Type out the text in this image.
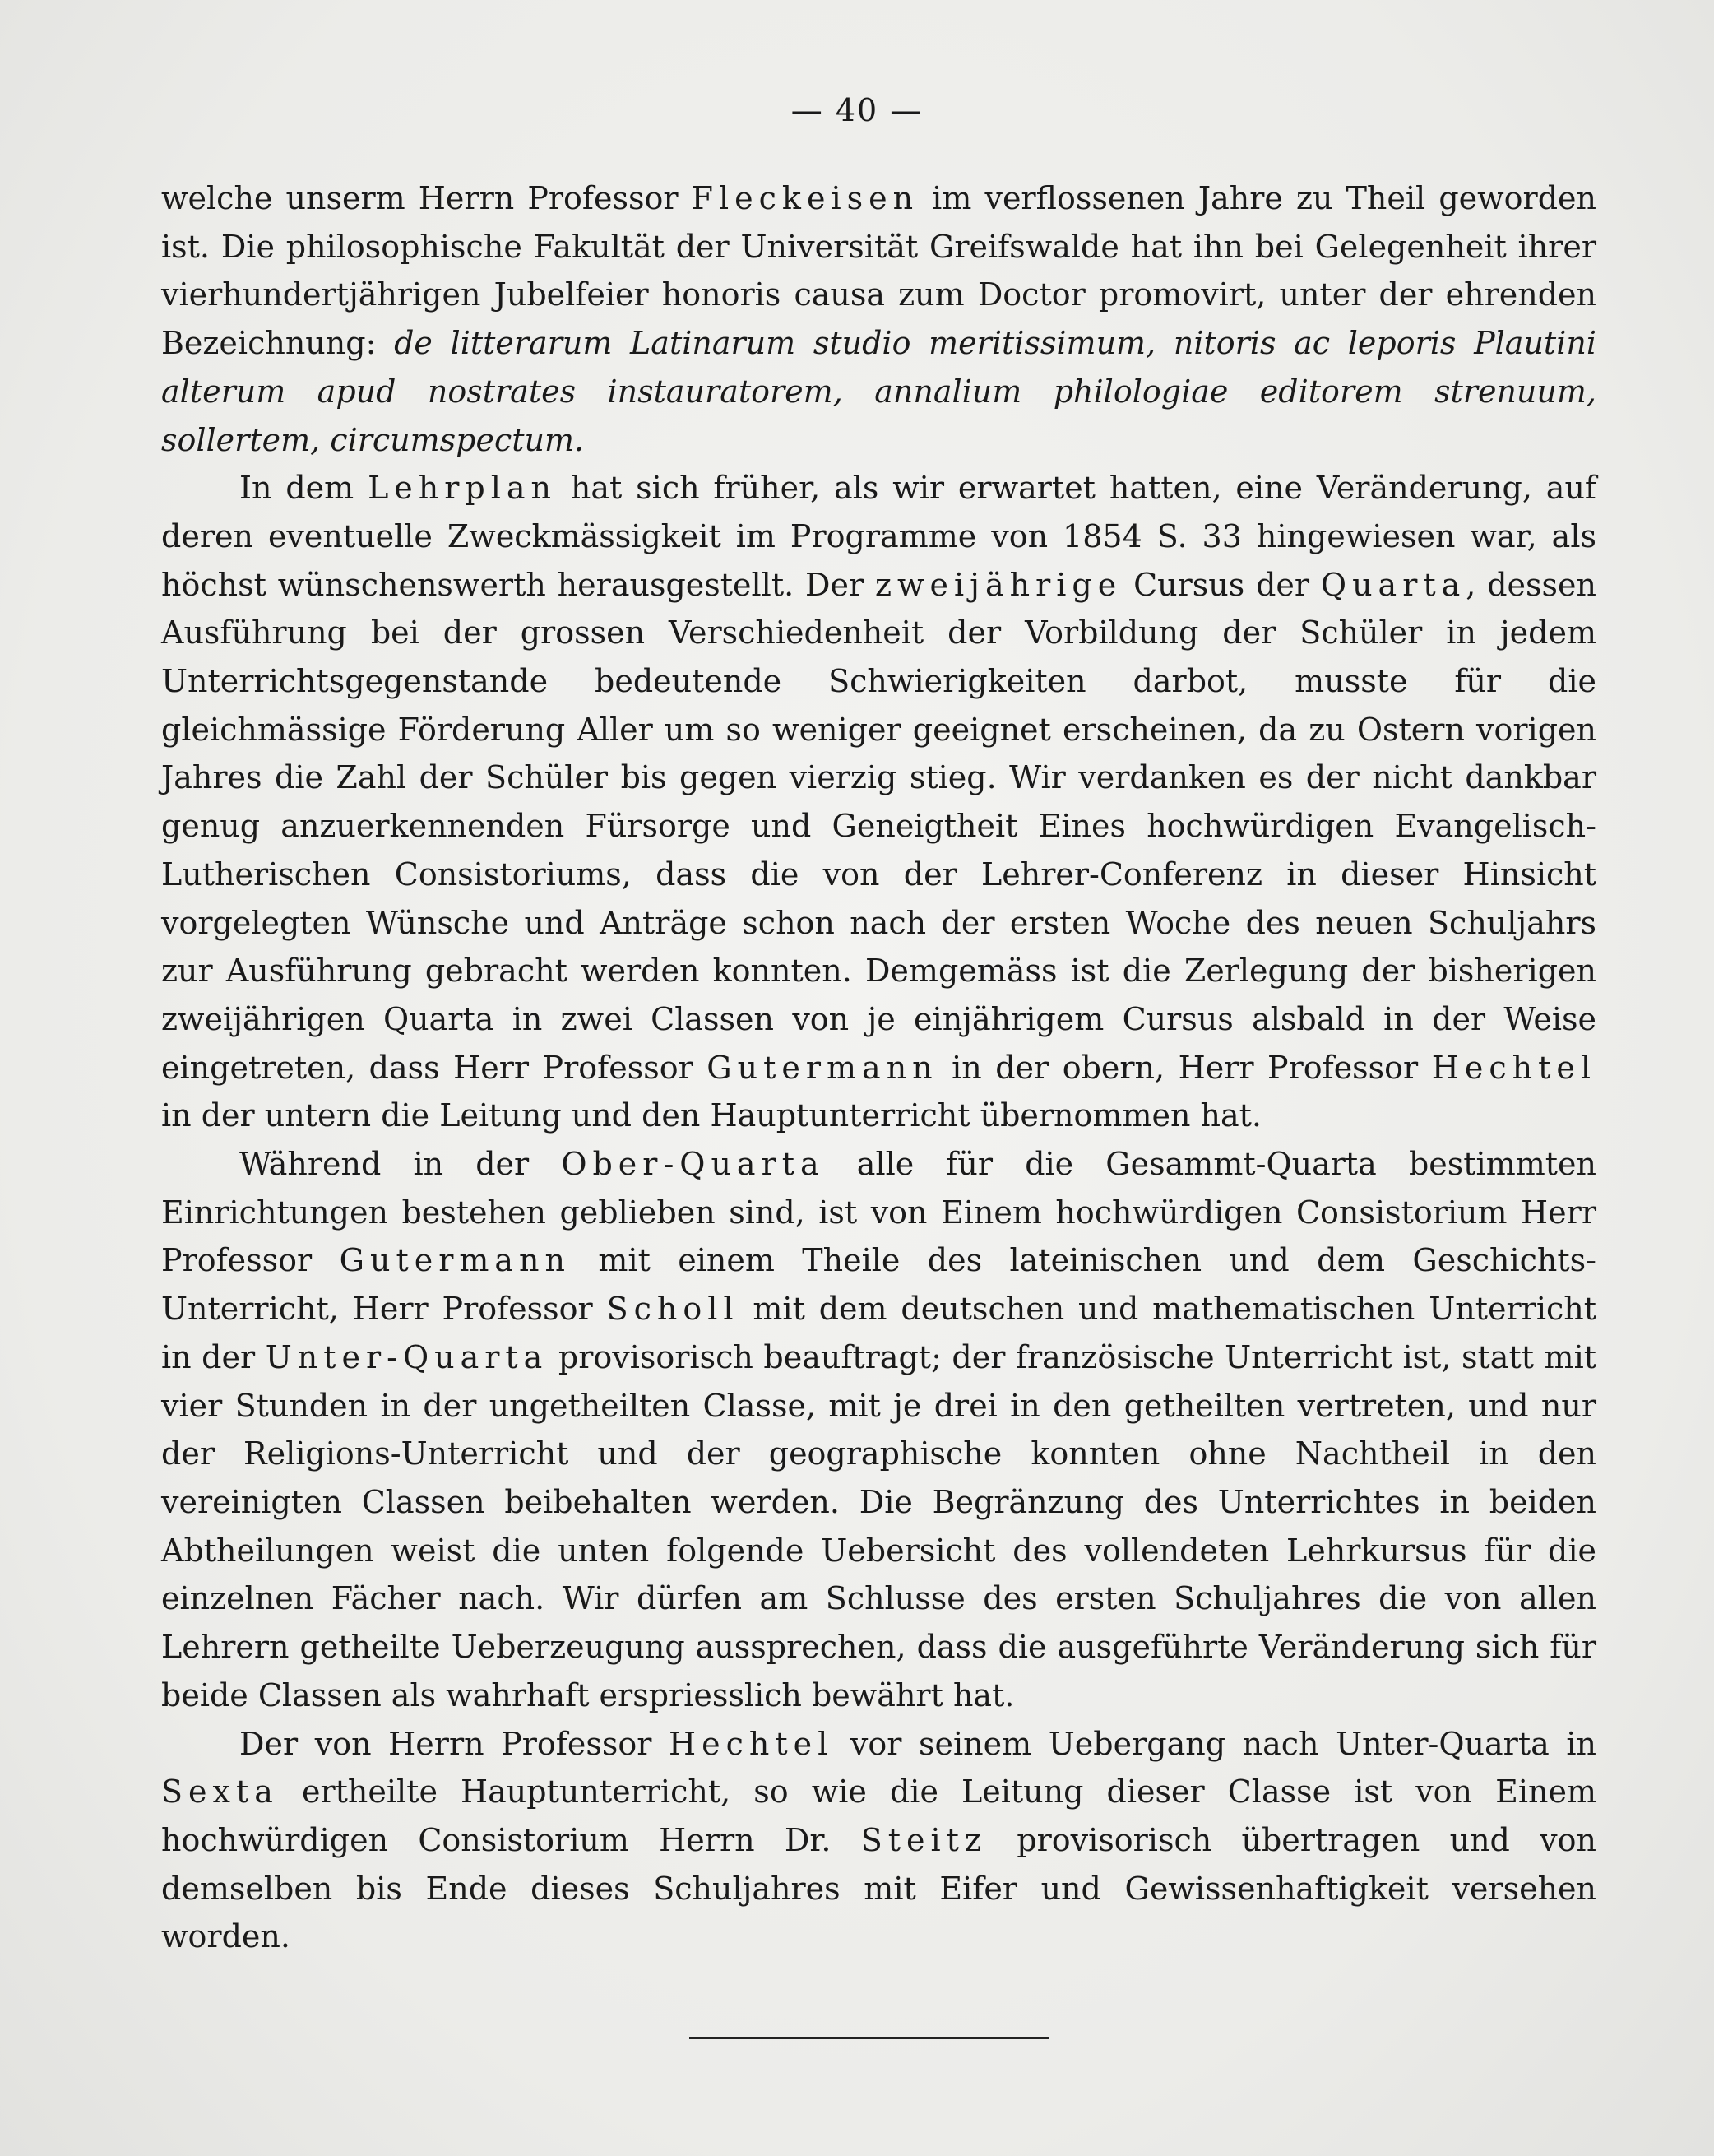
— 40 —

welche unserm Herrn Professor Fleckeisen im verflossenen Jahre zu Theil geworden ist. Die philosophische Fakultät der Universität Greifswalde hat ihn bei Gelegenheit ihrer vierhundertjährigen Jubelfeier honoris causa zum Doctor promovirt, unter der ehrenden Bezeichnung: de litterarum Latinarum studio meritissimum, nitoris ac leporis Plautini alterum apud nostrates instauratorem, annalium philologiae editorem strenuum, sollertem, circumspectum.

In dem Lehrplan hat sich früher, als wir erwartet hatten, eine Veränderung, auf deren eventuelle Zweckmässigkeit im Programme von 1854 S. 33 hingewiesen war, als höchst wünschenswerth herausgestellt. Der zweijährige Cursus der Quarta, dessen Ausführung bei der grossen Verschiedenheit der Vorbildung der Schüler in jedem Unterrichtsgegenstande bedeutende Schwierigkeiten darbot, musste für die gleichmässige Förderung Aller um so weniger geeignet erscheinen, da zu Ostern vorigen Jahres die Zahl der Schüler bis gegen vierzig stieg. Wir verdanken es der nicht dankbar genug anzuerkennenden Fürsorge und Geneigtheit Eines hochwürdigen Evangelisch-Lutherischen Consistoriums, dass die von der Lehrer-Conferenz in dieser Hinsicht vorgelegten Wünsche und Anträge schon nach der ersten Woche des neuen Schuljahrs zur Ausführung gebracht werden konnten. Demgemäss ist die Zerlegung der bisherigen zweijährigen Quarta in zwei Classen von je einjährigem Cursus alsbald in der Weise eingetreten, dass Herr Professor Gutermann in der obern, Herr Professor Hechtel in der untern die Leitung und den Hauptunterricht übernommen hat.

Während in der Ober-Quarta alle für die Gesammt-Quarta bestimmten Einrichtungen bestehen geblieben sind, ist von Einem hochwürdigen Consistorium Herr Professor Gutermann mit einem Theile des lateinischen und dem Geschichts-Unterricht, Herr Professor Scholl mit dem deutschen und mathematischen Unterricht in der Unter-Quarta provisorisch beauftragt; der französische Unterricht ist, statt mit vier Stunden in der ungetheilten Classe, mit je drei in den getheilten vertreten, und nur der Religions-Unterricht und der geographische konnten ohne Nachtheil in den vereinigten Classen beibehalten werden. Die Begränzung des Unterrichtes in beiden Abtheilungen weist die unten folgende Uebersicht des vollendeten Lehrkursus für die einzelnen Fächer nach. Wir dürfen am Schlusse des ersten Schuljahres die von allen Lehrern getheilte Ueberzeugung aussprechen, dass die ausgeführte Veränderung sich für beide Classen als wahrhaft erspriesslich bewährt hat.

Der von Herrn Professor Hechtel vor seinem Uebergang nach Unter-Quarta in Sexta ertheilte Hauptunterricht, so wie die Leitung dieser Classe ist von Einem hochwürdigen Consistorium Herrn Dr. Steitz provisorisch übertragen und von demselben bis Ende dieses Schuljahres mit Eifer und Gewissenhaftigkeit versehen worden.
